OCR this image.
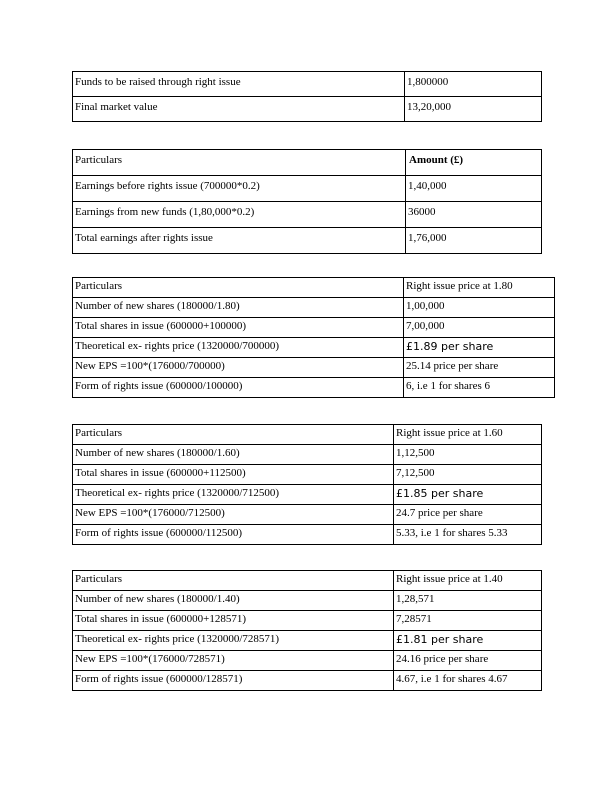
Funds to be raised through right issue	1,800000
Final market value	13,20,000
Particulars	Amount (£)
Earnings before rights issue (700000*0.2)	1,40,000
Earnings from new funds (1,80,000*0.2)	36000
Total earnings after rights issue	1,76,000
Particulars	Right issue price at 1.80
Number of new shares (180000/1.80)	1,00,000
Total shares in issue (600000+100000)	7,00,000
Theoretical ex- rights price (1320000/700000)	£1.89 per share
New EPS =100*(176000/700000)	25.14 price per share
Form of rights issue (600000/100000)	6, i.e 1 for shares 6
Particulars	Right issue price at 1.60
Number of new shares (180000/1.60)	1,12,500
Total shares in issue (600000+112500)	7,12,500
Theoretical ex- rights price (1320000/712500)	£1.85 per share
New EPS =100*(176000/712500)	24.7 price per share
Form of rights issue (600000/112500)	5.33, i.e 1 for shares 5.33
Particulars	Right issue price at 1.40
Number of new shares (180000/1.40)	1,28,571
Total shares in issue (600000+128571)	7,28571
Theoretical ex- rights price (1320000/728571)	£1.81 per share
New EPS =100*(176000/728571)	24.16 price per share
Form of rights issue (600000/128571)	4.67, i.e 1 for shares 4.67
